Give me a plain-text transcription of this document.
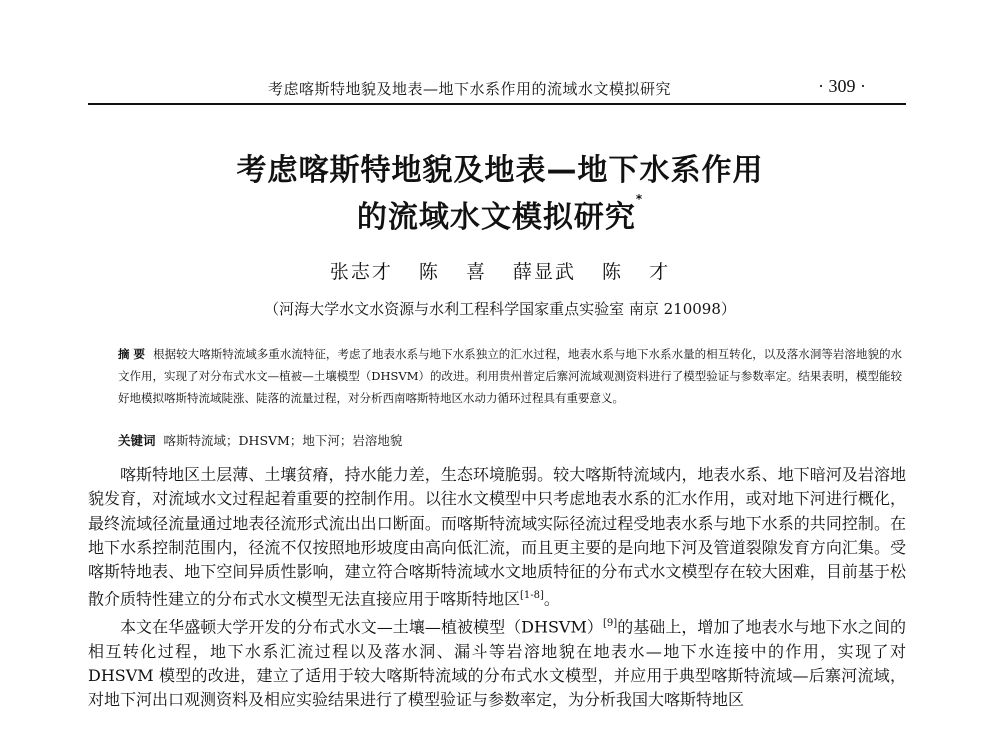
考虑喀斯特地貌及地表—地下水系作用的流域水文模拟研究	· 309 ·
考虑喀斯特地貌及地表—地下水系作用
的流域水文模拟研究*
张志才 陈 喜 薛显武 陈 才
（河海大学水文水资源与水利工程科学国家重点实验室 南京 210098）
摘 要 根据较大喀斯特流域多重水流特征，考虑了地表水系与地下水系独立的汇水过程，地表水系与地下水系水量的相互转化，以及落水洞等岩溶地貌的水文作用，实现了对分布式水文—植被—土壤模型（DHSVM）的改进。利用贵州普定后寨河流域观测资料进行了模型验证与参数率定。结果表明，模型能较好地模拟喀斯特流域陡涨、陡落的流量过程，对分析西南喀斯特地区水动力循环过程具有重要意义。
关键词 喀斯特流域；DHSVM；地下河；岩溶地貌

喀斯特地区土层薄、土壤贫瘠，持水能力差，生态环境脆弱。较大喀斯特流域内，地表水系、地下暗河及岩溶地貌发育，对流域水文过程起着重要的控制作用。以往水文模型中只考虑地表水系的汇水作用，或对地下河进行概化，最终流域径流量通过地表径流形式流出出口断面。而喀斯特流域实际径流过程受地表水系与地下水系的共同控制。在地下水系控制范围内，径流不仅按照地形坡度由高向低汇流，而且更主要的是向地下河及管道裂隙发育方向汇集。受喀斯特地表、地下空间异质性影响，建立符合喀斯特流域水文地质特征的分布式水文模型存在较大困难，目前基于松散介质特性建立的分布式水文模型无法直接应用于喀斯特地区[1-8]。

本文在华盛顿大学开发的分布式水文—土壤—植被模型（DHSVM）[9]的基础上，增加了地表水与地下水之间的相互转化过程，地下水系汇流过程以及落水洞、漏斗等岩溶地貌在地表水—地下水连接中的作用，实现了对 DHSVM 模型的改进，建立了适用于较大喀斯特流域的分布式水文模型，并应用于典型喀斯特流域—后寨河流域，对地下河出口观测资料及相应实验结果进行了模型验证与参数率定，为分析我国大喀斯特地区
